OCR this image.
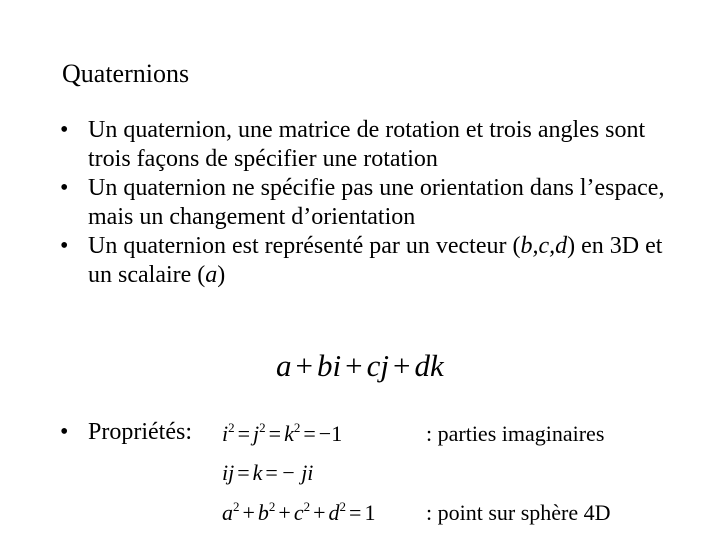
Quaternions
• Un quaternion, une matrice de rotation et trois angles sont trois façons de spécifier une rotation
• Un quaternion ne spécifie pas une orientation dans l’espace, mais un changement d’orientation
• Un quaternion est représenté par un vecteur (b,c,d) en 3D et un scalaire (a)
a + bi + cj + dk
• Propriétés: $i^2 = j^2 = k^2 = -1$	: parties imaginaires
ij = k = − ji
$a^2 + b^2 + c^2 + d^2 = 1$ : point sur sphère 4D
